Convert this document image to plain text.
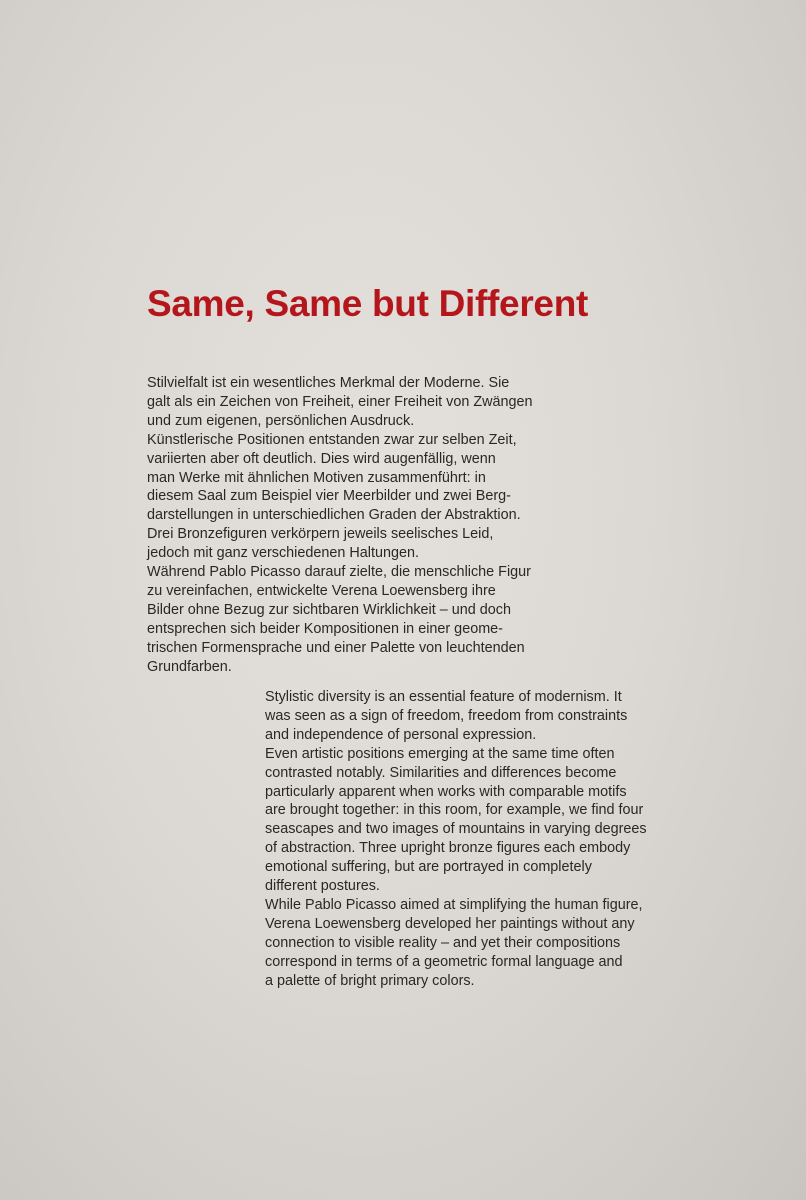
Same, Same but Different

Stilvielfalt ist ein wesentliches Merkmal der Moderne. Sie
galt als ein Zeichen von Freiheit, einer Freiheit von Zwängen
und zum eigenen, persönlichen Ausdruck.
Künstlerische Positionen entstanden zwar zur selben Zeit,
variierten aber oft deutlich. Dies wird augenfällig, wenn
man Werke mit ähnlichen Motiven zusammenführt: in
diesem Saal zum Beispiel vier Meerbilder und zwei Berg-
darstellungen in unterschiedlichen Graden der Abstraktion.
Drei Bronzefiguren verkörpern jeweils seelisches Leid,
jedoch mit ganz verschiedenen Haltungen.
Während Pablo Picasso darauf zielte, die menschliche Figur
zu vereinfachen, entwickelte Verena Loewensberg ihre
Bilder ohne Bezug zur sichtbaren Wirklichkeit – und doch
entsprechen sich beider Kompositionen in einer geome-
trischen Formensprache und einer Palette von leuchtenden
Grundfarben.

Stylistic diversity is an essential feature of modernism. It
was seen as a sign of freedom, freedom from constraints
and independence of personal expression.
Even artistic positions emerging at the same time often
contrasted notably. Similarities and differences become
particularly apparent when works with comparable motifs
are brought together: in this room, for example, we find four
seascapes and two images of mountains in varying degrees
of abstraction. Three upright bronze figures each embody
emotional suffering, but are portrayed in completely
different postures.
While Pablo Picasso aimed at simplifying the human figure,
Verena Loewensberg developed her paintings without any
connection to visible reality – and yet their compositions
correspond in terms of a geometric formal language and
a palette of bright primary colors.
